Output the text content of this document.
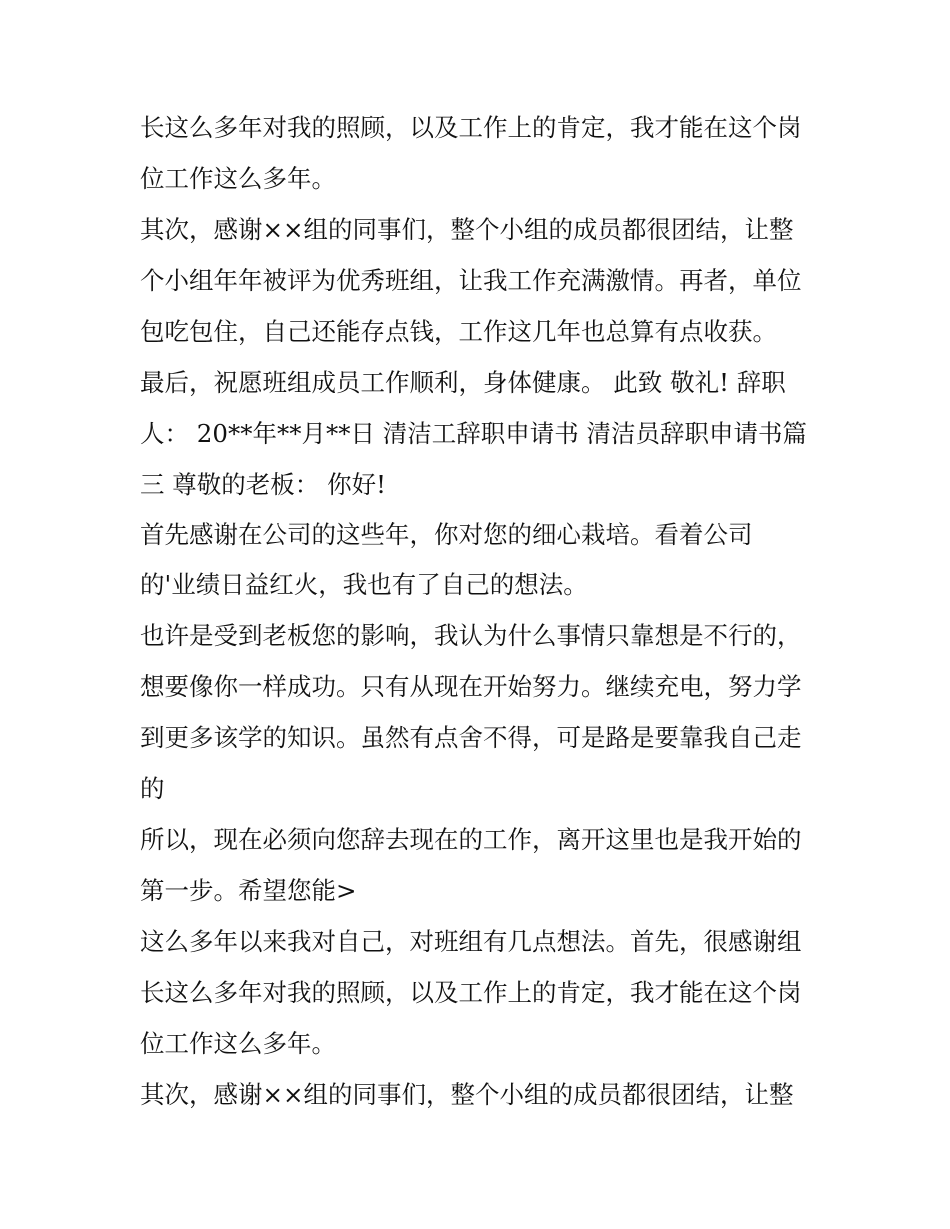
长这么多年对我的照顾，以及工作上的肯定，我才能在这个岗

位工作这么多年。

其次，感谢××组的同事们，整个小组的成员都很团结，让整

个小组年年被评为优秀班组，让我工作充满激情。再者，单位

包吃包住，自己还能存点钱，工作这几年也总算有点收获。

最后，祝愿班组成员工作顺利，身体健康。 此致 敬礼! 辞职

人： 20**年**月**日 清洁工辞职申请书 清洁员辞职申请书篇

三 尊敬的老板： 你好!

首先感谢在公司的这些年，你对您的细心栽培。看着公司

的'业绩日益红火，我也有了自己的想法。

也许是受到老板您的影响，我认为什么事情只靠想是不行的，

想要像你一样成功。只有从现在开始努力。继续充电，努力学

到更多该学的知识。虽然有点舍不得，可是路是要靠我自己走

的

所以，现在必须向您辞去现在的工作，离开这里也是我开始的

第一步。希望您能>

这么多年以来我对自己，对班组有几点想法。首先，很感谢组

长这么多年对我的照顾，以及工作上的肯定，我才能在这个岗

位工作这么多年。

其次，感谢××组的同事们，整个小组的成员都很团结，让整
